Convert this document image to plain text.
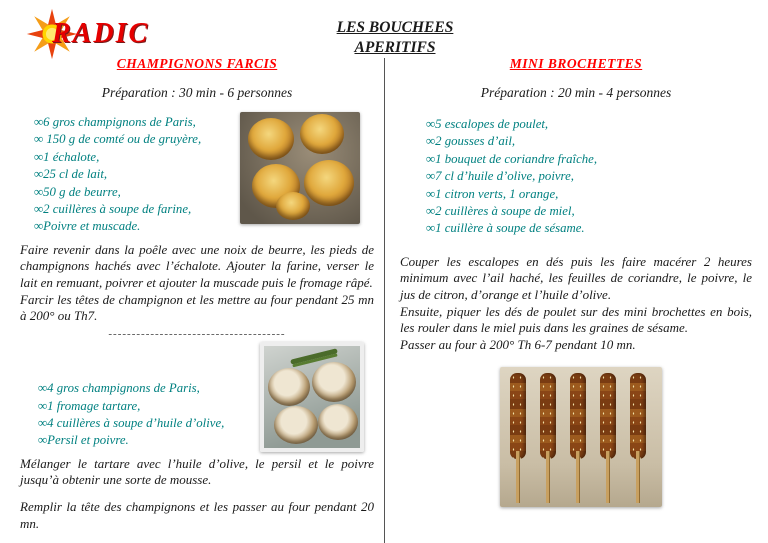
RADIC	LES BOUCHEES
APERITIFS
CHAMPIGNONS FARCIS

Préparation : 30 min - 6 personnes

∞6 gros champignons de Paris,
∞ 150 g de comté ou de gruyère,
∞1 échalote,
∞25 cl de lait,
∞50 g de beurre,
∞2 cuillères à soupe de farine,
∞Poivre et muscade.

Faire revenir dans la poêle avec une noix de beurre, les pieds de champignons hachés avec l’échalote. Ajouter la farine, verser le lait en remuant, poivrer et ajouter la muscade puis le fromage râpé.

Farcir les têtes de champignon et les mettre au four pendant 25 mn à 200° ou Th7.

--------------------------------------

∞4 gros champignons de Paris,
∞1 fromage tartare,
∞4 cuillères à soupe d’huile d’olive,
∞Persil et poivre.

Mélanger le tartare avec l’huile d’olive, le persil et le poivre jusqu’à obtenir une sorte de mousse.

Remplir la tête des champignons et les passer au four pendant 20 mn.

MINI BROCHETTES

Préparation : 20 min - 4 personnes

∞5 escalopes de poulet,
∞2 gousses d’ail,
∞1 bouquet de coriandre fraîche,
∞7 cl d’huile d’olive, poivre,
∞1 citron verts, 1 orange,
∞2 cuillères à soupe de miel,
∞1 cuillère à soupe de sésame.

Couper les escalopes en dés puis les faire macérer 2 heures minimum avec l’ail haché, les feuilles de coriandre, le poivre, le jus de citron, d’orange et l’huile d’olive.

Ensuite, piquer les dés de poulet sur des mini brochettes en bois, les rouler dans le miel puis dans les graines de sésame.

Passer au four à 200° Th 6-7 pendant 10 mn.
